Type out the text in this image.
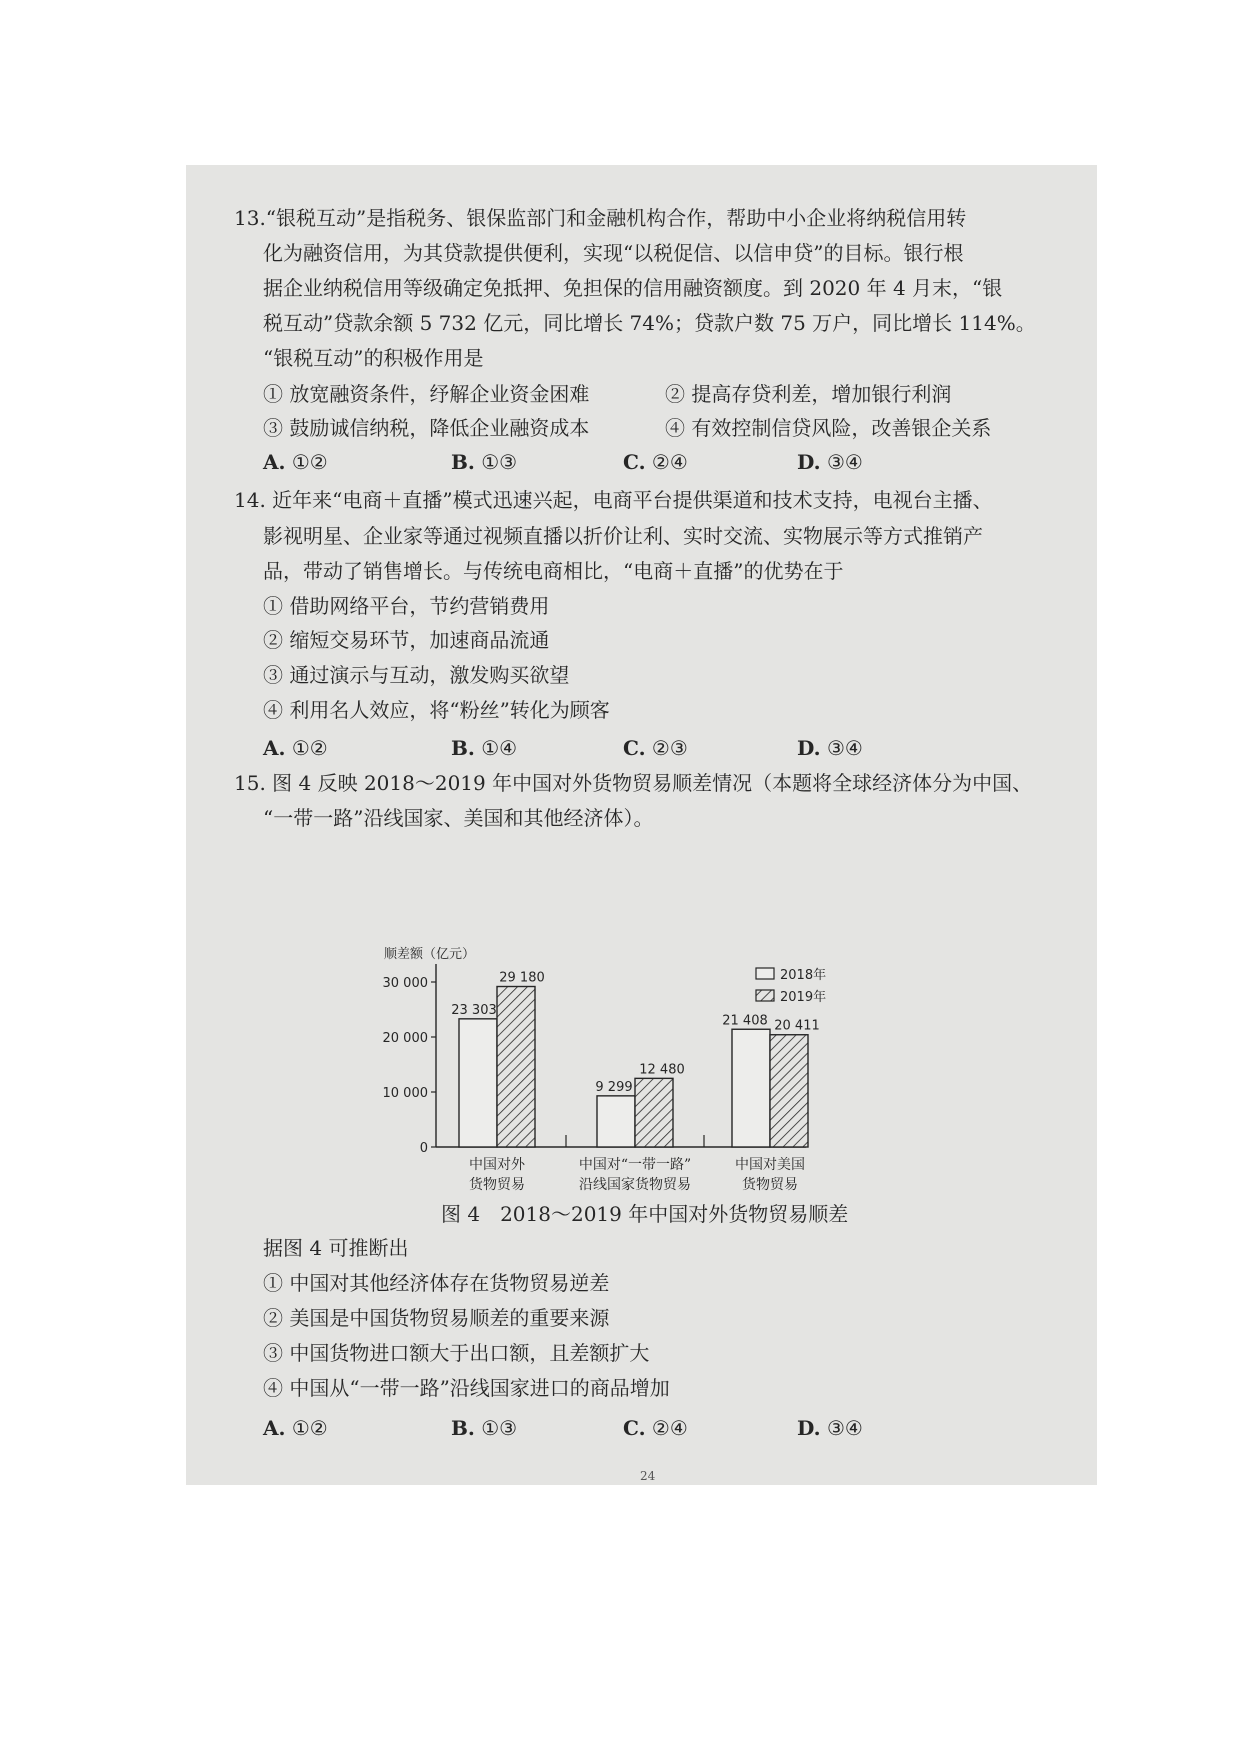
13.“银税互动”是指税务、银保监部门和金融机构合作，帮助中小企业将纳税信用转
化为融资信用，为其贷款提供便利，实现“以税促信、以信申贷”的目标。银行根
据企业纳税信用等级确定免抵押、免担保的信用融资额度。到 2020 年 4 月末，“银
税互动”贷款余额 5 732 亿元，同比增长 74%；贷款户数 75 万户，同比增长 114%。
“银税互动”的积极作用是
① 放宽融资条件，纾解企业资金困难	② 提高存贷利差，增加银行利润
③ 鼓励诚信纳税，降低企业融资成本	④ 有效控制信贷风险，改善银企关系
A. ①②	B. ①③	C. ②④	D. ③④
14. 近年来“电商＋直播”模式迅速兴起，电商平台提供渠道和技术支持，电视台主播、
影视明星、企业家等通过视频直播以折价让利、实时交流、实物展示等方式推销产
品，带动了销售增长。与传统电商相比，“电商＋直播”的优势在于
① 借助网络平台，节约营销费用
② 缩短交易环节，加速商品流通
③ 通过演示与互动，激发购买欲望
④ 利用名人效应，将“粉丝”转化为顾客
A. ①②	B. ①④	C. ②③	D. ③④
15. 图 4 反映 2018～2019 年中国对外货物贸易顺差情况（本题将全球经济体分为中国、
“一带一路”沿线国家、美国和其他经济体）。
顺差额（亿元）
0
10 000
20 000
30 000
23 303
29 180
中国对外
货物贸易
9 299
12 480
中国对“一带一路”
沿线国家货物贸易
21 408 20 411
中国对美国
货物贸易
2018年
2019年
图 4　2018～2019 年中国对外货物贸易顺差
据图 4 可推断出
① 中国对其他经济体存在货物贸易逆差
② 美国是中国货物贸易顺差的重要来源
③ 中国货物进口额大于出口额，且差额扩大
④ 中国从“一带一路”沿线国家进口的商品增加
A. ①②	B. ①③	C. ②④	D. ③④
24
